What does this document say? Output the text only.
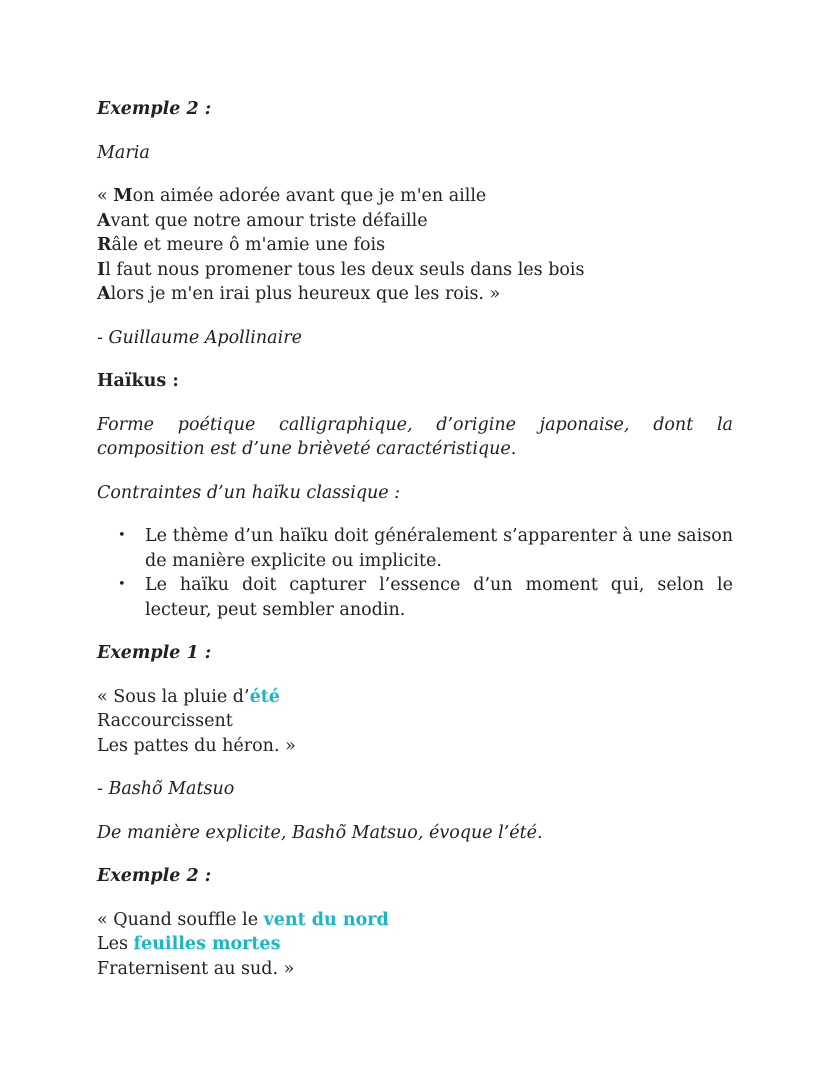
Exemple 2 :

Maria

« Mon aimée adorée avant que je m'en aille
Avant que notre amour triste défaille
Râle et meure ô m'amie une fois
Il faut nous promener tous les deux seuls dans les bois
Alors je m'en irai plus heureux que les rois. »

- Guillaume Apollinaire

Haïkus :

Forme poétique calligraphique, d’origine japonaise, dont la composition est d’une brièveté caractéristique.

Contraintes d’un haïku classique :

• Le thème d’un haïku doit généralement s’apparenter à une saison de manière explicite ou implicite.
• Le haïku doit capturer l’essence d’un moment qui, selon le lecteur, peut sembler anodin.

Exemple 1 :

« Sous la pluie d’été
Raccourcissent
Les pattes du héron. »

- Bashõ Matsuo

De manière explicite, Bashõ Matsuo, évoque l’été.

Exemple 2 :

« Quand souffle le vent du nord
Les feuilles mortes
Fraternisent au sud. »
